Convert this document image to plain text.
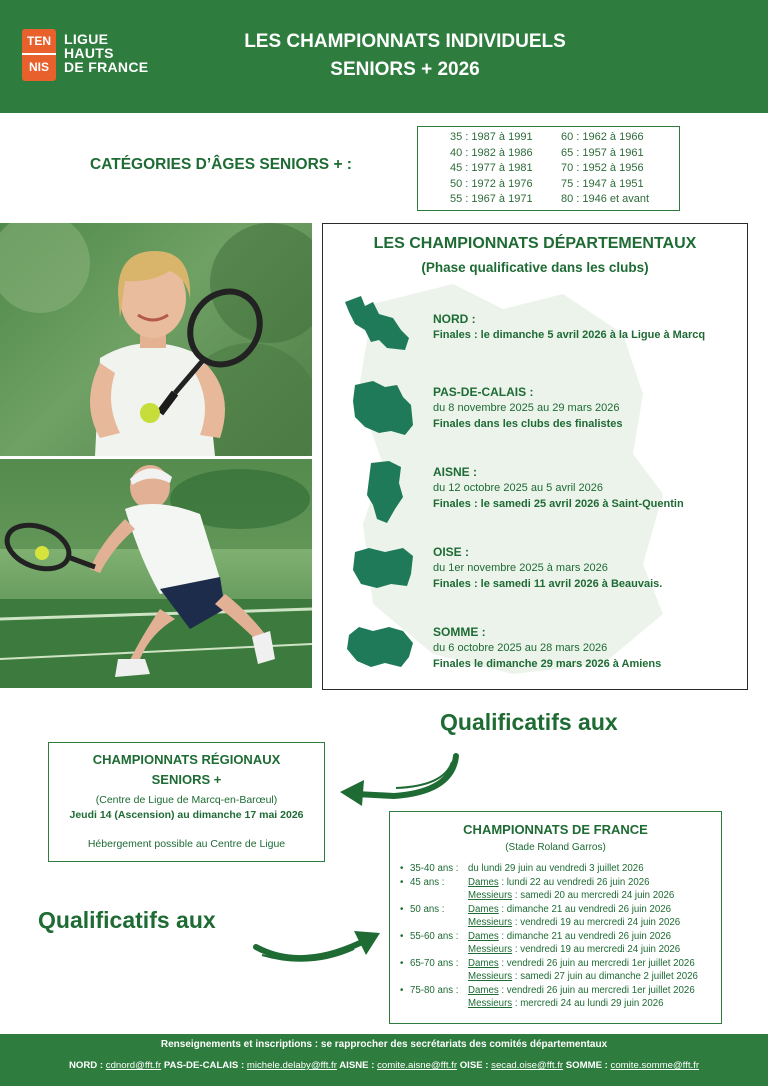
TEN
NIS
LIGUE
HAUTS
DE FRANCE
LES CHAMPIONNATS INDIVIDUELS
SENIORS + 2026
CATÉGORIES D’ÂGES SENIORS + :
35 : 1987 à 1991
40 : 1982 à 1986
45 : 1977 à 1981
50 : 1972 à 1976
55 : 1967 à 1971
60 : 1962 à 1966
65 : 1957 à 1961
70 : 1952 à 1956
75 : 1947 à 1951
80 : 1946 et avant
LES CHAMPIONNATS DÉPARTEMENTAUX
(Phase qualificative dans les clubs)
NORD :
Finales : le dimanche 5 avril 2026 à la Ligue à Marcq
PAS-DE-CALAIS :
du 8 novembre 2025 au 29 mars 2026
Finales dans les clubs des finalistes
AISNE :
du 12 octobre 2025 au 5 avril 2026
Finales : le samedi 25 avril 2026 à Saint-Quentin
OISE :
du 1er novembre 2025 à mars 2026
Finales : le samedi 11 avril 2026 à Beauvais.
SOMME :
du 6 octobre 2025 au 28 mars 2026
Finales le dimanche 29 mars 2026 à Amiens
Qualificatifs aux
Qualificatifs aux
CHAMPIONNATS RÉGIONAUX
SENIORS +
(Centre de Ligue de Marcq-en-Barœul)
Jeudi 14 (Ascension) au dimanche 17 mai 2026
Hébergement possible au Centre de Ligue
CHAMPIONNATS DE FRANCE
(Stade Roland Garros)
• 35-40 ans : du lundi 29 juin au vendredi 3 juillet 2026
• 45 ans : Dames : lundi 22 au vendredi 26 juin 2026
Messieurs : samedi 20 au mercredi 24 juin 2026
• 50 ans : Dames : dimanche 21 au vendredi 26 juin 2026
Messieurs : vendredi 19 au mercredi 24 juin 2026
• 55-60 ans : Dames : dimanche 21 au vendredi 26 juin 2026
Messieurs : vendredi 19 au mercredi 24 juin 2026
• 65-70 ans : Dames : vendredi 26 juin au mercredi 1er juillet 2026
Messieurs : samedi 27 juin au dimanche 2 juillet 2026
• 75-80 ans : Dames : vendredi 26 juin au mercredi 1er juillet 2026
Messieurs : mercredi 24 au lundi 29 juin 2026
Renseignements et inscriptions : se rapprocher des secrétariats des comités départementaux
NORD : cdnord@fft.fr PAS-DE-CALAIS : michele.delaby@fft.fr AISNE : comite.aisne@fft.fr OISE : secad.oise@fft.fr SOMME : comite.somme@fft.fr
